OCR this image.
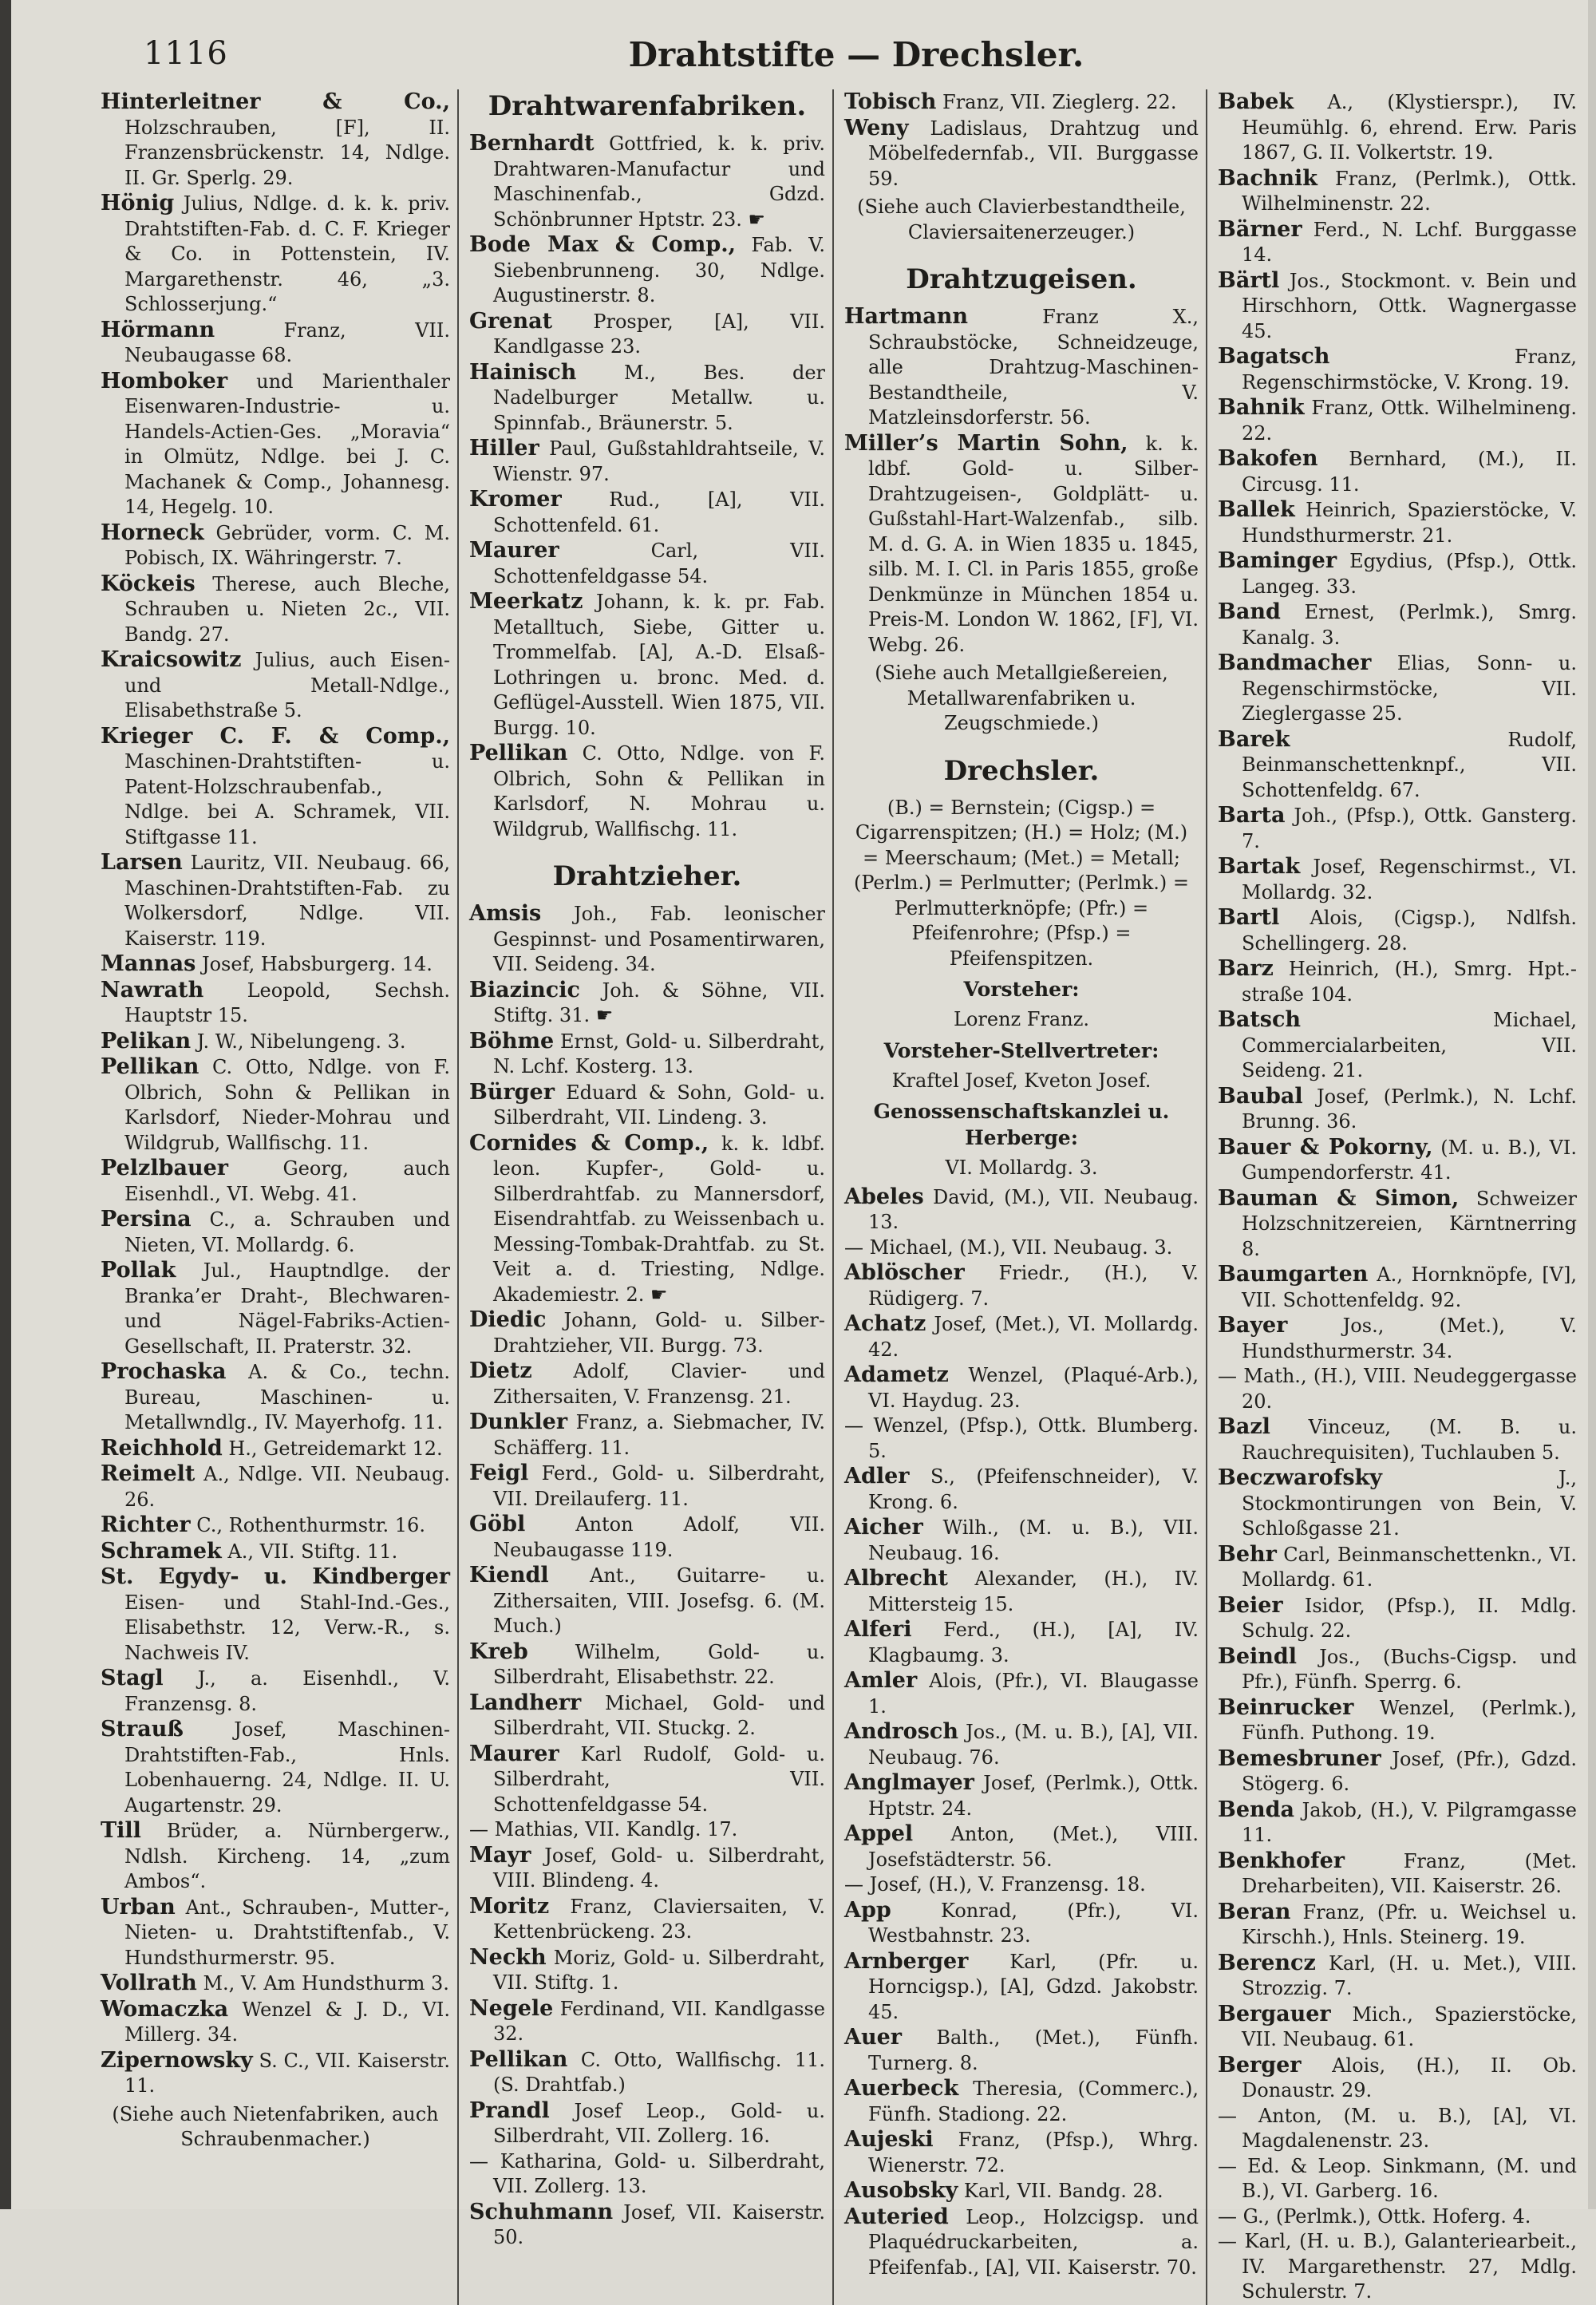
1116	Drahtstifte — Drechsler.
Hinterleitner & Co., Holzschrauben, [F], II. Franzensbrückenstr. 14, Ndlge. II. Gr. Sperlg. 29.
Hönig Julius, Ndlge. d. k. k. priv. Drahtstiften-Fab. d. C. F. Krieger & Co. in Pottenstein, IV. Margarethenstr. 46, „3. Schlosserjung.“
Hörmann Franz, VII. Neubaugasse 68.
Homboker und Marienthaler Eisenwaren-Industrie- u. Handels-Actien-Ges. „Moravia“ in Olmütz, Ndlge. bei J. C. Machanek & Comp., Johannesg. 14, Hegelg. 10.
Horneck Gebrüder, vorm. C. M. Pobisch, IX. Währingerstr. 7.
Köckeis Therese, auch Bleche, Schrauben u. Nieten 2c., VII. Bandg. 27.
Kraicsowitz Julius, auch Eisen- und Metall-Ndlge., Elisabethstraße 5.
Krieger C. F. & Comp., Maschinen-Drahtstiften- u. Patent-Holzschraubenfab., Ndlge. bei A. Schramek, VII. Stiftgasse 11.
Larsen Lauritz, VII. Neubaug. 66, Maschinen-Drahtstiften-Fab. zu Wolkersdorf, Ndlge. VII. Kaiserstr. 119.
Mannas Josef, Habsburgerg. 14.
Nawrath Leopold, Sechsh. Hauptstr 15.
Pelikan J. W., Nibelungeng. 3.
Pellikan C. Otto, Ndlge. von F. Olbrich, Sohn & Pellikan in Karlsdorf, Nieder-Mohrau und Wildgrub, Wallfischg. 11.
Pelzlbauer Georg, auch Eisenhdl., VI. Webg. 41.
Persina C., a. Schrauben und Nieten, VI. Mollardg. 6.
Pollak Jul., Hauptndlge. der Branka’er Draht-, Blechwaren- und Nägel-Fabriks-Actien-Gesellschaft, II. Praterstr. 32.
Prochaska A. & Co., techn. Bureau, Maschinen- u. Metallwndlg., IV. Mayerhofg. 11.
Reichhold H., Getreidemarkt 12.
Reimelt A., Ndlge. VII. Neubaug. 26.
Richter C., Rothenthurmstr. 16.
Schramek A., VII. Stiftg. 11.
St. Egydy- u. Kindberger Eisen- und Stahl-Ind.-Ges., Elisabethstr. 12, Verw.-R., s. Nachweis IV.
Stagl J., a. Eisenhdl., V. Franzensg. 8.
Strauß Josef, Maschinen-Drahtstiften-Fab., Hnls. Lobenhauerng. 24, Ndlge. II. U. Augartenstr. 29.
Till Brüder, a. Nürnbergerw., Ndlsh. Kircheng. 14, „zum Ambos“.
Urban Ant., Schrauben-, Mutter-, Nieten- u. Drahtstiftenfab., V. Hundsthurmerstr. 95.
Vollrath M., V. Am Hundsthurm 3.
Womaczka Wenzel & J. D., VI. Millerg. 34.
Zipernowsky S. C., VII. Kaiserstr. 11.
(Siehe auch Nietenfabriken, auch Schraubenmacher.)
Drahtwarenfabriken.
Bernhardt Gottfried, k. k. priv. Drahtwaren-Manufactur und Maschinenfab., Gdzd. Schönbrunner Hptstr. 23. ☛
Bode Max & Comp., Fab. V. Siebenbrunneng. 30, Ndlge. Augustinerstr. 8.
Grenat Prosper, [A], VII. Kandlgasse 23.
Hainisch M., Bes. der Nadelburger Metallw. u. Spinnfab., Bräunerstr. 5.
Hiller Paul, Gußstahldrahtseile, V. Wienstr. 97.
Kromer Rud., [A], VII. Schottenfeld. 61.
Maurer Carl, VII. Schottenfeldgasse 54.
Meerkatz Johann, k. k. pr. Fab. Metalltuch, Siebe, Gitter u. Trommelfab. [A], A.-D. Elsaß-Lothringen u. bronc. Med. d. Geflügel-Ausstell. Wien 1875, VII. Burgg. 10.
Pellikan C. Otto, Ndlge. von F. Olbrich, Sohn & Pellikan in Karlsdorf, N. Mohrau u. Wildgrub, Wallfischg. 11.
Drahtzieher.
Amsis Joh., Fab. leonischer Gespinnst- und Posamentirwaren, VII. Seideng. 34.
Biazincic Joh. & Söhne, VII. Stiftg. 31. ☛
Böhme Ernst, Gold- u. Silberdraht, N. Lchf. Kosterg. 13.
Bürger Eduard & Sohn, Gold- u. Silberdraht, VII. Lindeng. 3.
Cornides & Comp., k. k. ldbf. leon. Kupfer-, Gold- u. Silberdrahtfab. zu Mannersdorf, Eisendrahtfab. zu Weissenbach u. Messing-Tombak-Drahtfab. zu St. Veit a. d. Triesting, Ndlge. Akademiestr. 2. ☛
Diedic Johann, Gold- u. Silber-Drahtzieher, VII. Burgg. 73.
Dietz Adolf, Clavier- und Zithersaiten, V. Franzensg. 21.
Dunkler Franz, a. Siebmacher, IV. Schäfferg. 11.
Feigl Ferd., Gold- u. Silberdraht, VII. Dreilauferg. 11.
Göbl Anton Adolf, VII. Neubaugasse 119.
Kiendl Ant., Guitarre- u. Zithersaiten, VIII. Josefsg. 6. (M. Much.)
Kreb Wilhelm, Gold- u. Silberdraht, Elisabethstr. 22.
Landherr Michael, Gold- und Silberdraht, VII. Stuckg. 2.
Maurer Karl Rudolf, Gold- u. Silberdraht, VII. Schottenfeldgasse 54.
— Mathias, VII. Kandlg. 17.
Mayr Josef, Gold- u. Silberdraht, VIII. Blindeng. 4.
Moritz Franz, Claviersaiten, V. Kettenbrückeng. 23.
Neckh Moriz, Gold- u. Silberdraht, VII. Stiftg. 1.
Negele Ferdinand, VII. Kandlgasse 32.
Pellikan C. Otto, Wallfischg. 11. (S. Drahtfab.)
Prandl Josef Leop., Gold- u. Silberdraht, VII. Zollerg. 16.
— Katharina, Gold- u. Silberdraht, VII. Zollerg. 13.
Schuhmann Josef, VII. Kaiserstr. 50.
Tobisch Franz, VII. Zieglerg. 22.
Weny Ladislaus, Drahtzug und Möbelfedernfab., VII. Burggasse 59.
(Siehe auch Clavierbestandtheile, Claviersaitenerzeuger.)
Drahtzugeisen.
Hartmann Franz X., Schraubstöcke, Schneidzeuge, alle Drahtzug-Maschinen-Bestandtheile, V. Matzleinsdorferstr. 56.
Miller’s Martin Sohn, k. k. ldbf. Gold- u. Silber-Drahtzugeisen-, Goldplätt- u. Gußstahl-Hart-Walzenfab., silb. M. d. G. A. in Wien 1835 u. 1845, silb. M. I. Cl. in Paris 1855, große Denkmünze in München 1854 u. Preis-M. London W. 1862, [F], VI. Webg. 26.
(Siehe auch Metallgießereien, Metallwarenfabriken u. Zeugschmiede.)
Drechsler.
(B.) = Bernstein; (Cigsp.) = Cigarrenspitzen; (H.) = Holz; (M.) = Meerschaum; (Met.) = Metall; (Perlm.) = Perlmutter; (Perlmk.) = Perlmutterknöpfe; (Pfr.) = Pfeifenrohre; (Pfsp.) = Pfeifenspitzen.
Vorsteher:
Lorenz Franz.
Vorsteher-Stellvertreter:
Kraftel Josef, Kveton Josef.
Genossenschaftskanzlei u. Herberge:
VI. Mollardg. 3.
Abeles David, (M.), VII. Neubaug. 13.
— Michael, (M.), VII. Neubaug. 3.
Ablöscher Friedr., (H.), V. Rüdigerg. 7.
Achatz Josef, (Met.), VI. Mollardg. 42.
Adametz Wenzel, (Plaqué-Arb.), VI. Haydug. 23.
— Wenzel, (Pfsp.), Ottk. Blumberg. 5.
Adler S., (Pfeifenschneider), V. Krong. 6.
Aicher Wilh., (M. u. B.), VII. Neubaug. 16.
Albrecht Alexander, (H.), IV. Mittersteig 15.
Alferi Ferd., (H.), [A], IV. Klagbaumg. 3.
Amler Alois, (Pfr.), VI. Blaugasse 1.
Androsch Jos., (M. u. B.), [A], VII. Neubaug. 76.
Anglmayer Josef, (Perlmk.), Ottk. Hptstr. 24.
Appel Anton, (Met.), VIII. Josefstädterstr. 56.
— Josef, (H.), V. Franzensg. 18.
App Konrad, (Pfr.), VI. Westbahnstr. 23.
Arnberger Karl, (Pfr. u. Horncigsp.), [A], Gdzd. Jakobstr. 45.
Auer Balth., (Met.), Fünfh. Turnerg. 8.
Auerbeck Theresia, (Commerc.), Fünfh. Stadiong. 22.
Aujeski Franz, (Pfsp.), Whrg. Wienerstr. 72.
Ausobsky Karl, VII. Bandg. 28.
Auteried Leop., Holzcigsp. und Plaquédruckarbeiten, a. Pfeifenfab., [A], VII. Kaiserstr. 70.
Babek A., (Klystierspr.), IV. Heumühlg. 6, ehrend. Erw. Paris 1867, G. II. Volkertstr. 19.
Bachnik Franz, (Perlmk.), Ottk. Wilhelminenstr. 22.
Bärner Ferd., N. Lchf. Burggasse 14.
Bärtl Jos., Stockmont. v. Bein und Hirschhorn, Ottk. Wagnergasse 45.
Bagatsch Franz, Regenschirmstöcke, V. Krong. 19.
Bahnik Franz, Ottk. Wilhelmineng. 22.
Bakofen Bernhard, (M.), II. Circusg. 11.
Ballek Heinrich, Spazierstöcke, V. Hundsthurmerstr. 21.
Baminger Egydius, (Pfsp.), Ottk. Langeg. 33.
Band Ernest, (Perlmk.), Smrg. Kanalg. 3.
Bandmacher Elias, Sonn- u. Regenschirmstöcke, VII. Zieglergasse 25.
Barek Rudolf, Beinmanschettenknpf., VII. Schottenfeldg. 67.
Barta Joh., (Pfsp.), Ottk. Gansterg. 7.
Bartak Josef, Regenschirmst., VI. Mollardg. 32.
Bartl Alois, (Cigsp.), Ndlfsh. Schellingerg. 28.
Barz Heinrich, (H.), Smrg. Hpt.-straße 104.
Batsch Michael, Commercialarbeiten, VII. Seideng. 21.
Baubal Josef, (Perlmk.), N. Lchf. Brunng. 36.
Bauer & Pokorny, (M. u. B.), VI. Gumpendorferstr. 41.
Bauman & Simon, Schweizer Holzschnitzereien, Kärntnerring 8.
Baumgarten A., Hornknöpfe, [V], VII. Schottenfeldg. 92.
Bayer Jos., (Met.), V. Hundsthurmerstr. 34.
— Math., (H.), VIII. Neudeggergasse 20.
Bazl Vinceuz, (M. B. u. Rauchrequisiten), Tuchlauben 5.
Beczwarofsky J., Stockmontirungen von Bein, V. Schloßgasse 21.
Behr Carl, Beinmanschettenkn., VI. Mollardg. 61.
Beier Isidor, (Pfsp.), II. Mdlg. Schulg. 22.
Beindl Jos., (Buchs-Cigsp. und Pfr.), Fünfh. Sperrg. 6.
Beinrucker Wenzel, (Perlmk.), Fünfh. Puthong. 19.
Bemesbruner Josef, (Pfr.), Gdzd. Stögerg. 6.
Benda Jakob, (H.), V. Pilgramgasse 11.
Benkhofer Franz, (Met. Dreharbeiten), VII. Kaiserstr. 26.
Beran Franz, (Pfr. u. Weichsel u. Kirschh.), Hnls. Steinerg. 19.
Berencz Karl, (H. u. Met.), VIII. Strozzig. 7.
Bergauer Mich., Spazierstöcke, VII. Neubaug. 61.
Berger Alois, (H.), II. Ob. Donaustr. 29.
— Anton, (M. u. B.), [A], VI. Magdalenenstr. 23.
— Ed. & Leop. Sinkmann, (M. und B.), VI. Garberg. 16.
— G., (Perlmk.), Ottk. Hoferg. 4.
— Karl, (H. u. B.), Galanteriearbeit., IV. Margarethenstr. 27, Mdlg. Schulerstr. 7.
